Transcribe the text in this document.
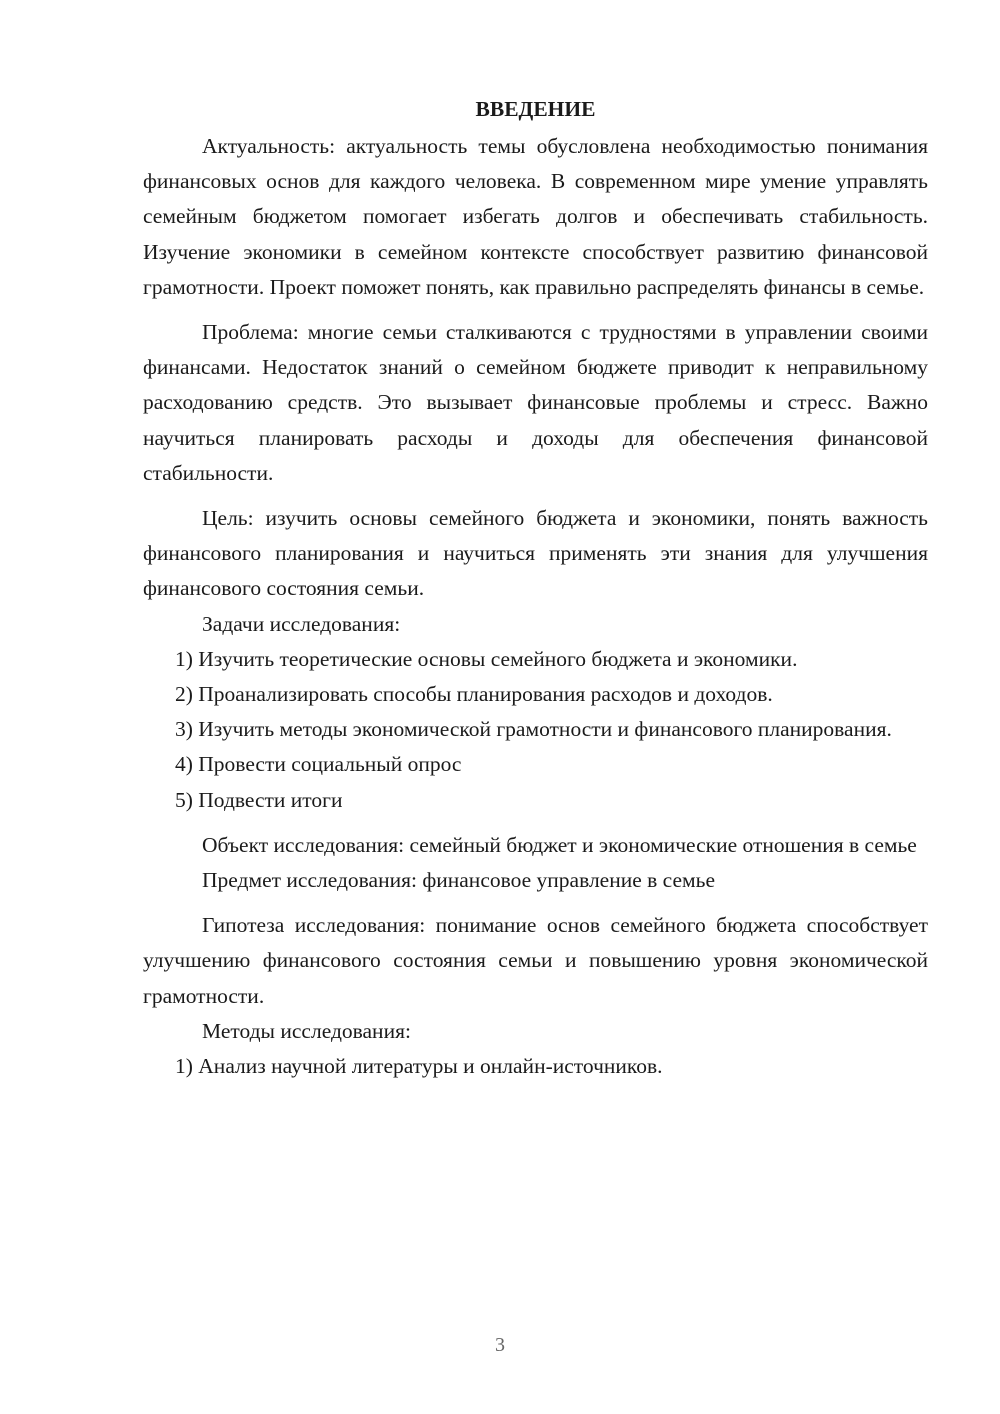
ВВЕДЕНИЕ

Актуальность: актуальность темы обусловлена необходимостью понимания финансовых основ для каждого человека. В современном мире умение управлять семейным бюджетом помогает избегать долгов и обеспечивать стабильность. Изучение экономики в семейном контексте способствует развитию финансовой грамотности. Проект поможет понять, как правильно распределять финансы в семье.

Проблема: многие семьи сталкиваются с трудностями в управлении своими финансами. Недостаток знаний о семейном бюджете приводит к неправильному расходованию средств. Это вызывает финансовые проблемы и стресс. Важно научиться планировать расходы и доходы для обеспечения финансовой стабильности.

Цель: изучить основы семейного бюджета и экономики, понять важность финансового планирования и научиться применять эти знания для улучшения финансового состояния семьи.

Задачи исследования:

1) Изучить теоретические основы семейного бюджета и экономики.

2) Проанализировать способы планирования расходов и доходов.

3) Изучить методы экономической грамотности и финансового планирования.

4) Провести социальный опрос

5) Подвести итоги

Объект исследования: семейный бюджет и экономические отношения в семье

Предмет исследования: финансовое управление в семье

Гипотеза исследования: понимание основ семейного бюджета способствует улучшению финансового состояния семьи и повышению уровня экономической грамотности.

Методы исследования:

1) Анализ научной литературы и онлайн-источников.

3
